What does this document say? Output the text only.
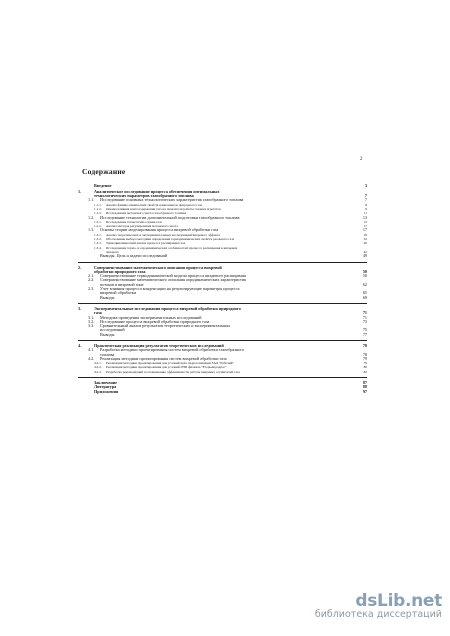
2
Содержание
Введение	3
1.	Аналитическое исследование процесса обеспечения оптимальных
технологических параметров газообразного топлива	7
1.1.	Исследование основных технологических характеристик газообразного топлива	7
1.1.1.	Анализ физико-химических свойств компонентов природного газа	8
1.1.2.	Оценка влияния влагосодержания газа на показатели работы газовых агрегатов	9
1.1.3.	Исследование метанового числа газообразного топлива	11
1.2.	Исследование технологии дополнительной подготовки газообразного топлива	13
1.2.1.	Исследование технологий осушки газа	13
1.2.2.	Анализ методов регулирования метанового числа	17
1.3.	Основы теории моделирования процесса вихревой обработки газа	17
1.3.1.	Анализ теоретических и экспериментальных исследований вихревого эффекта	18
1.3.2.	Обоснование выбора методики определения термодинамических свойств реального газа	32
1.3.3.	Термодинамический анализ процесса расширения газа	40
1.3.4.	Исследование термо- и аэродинамических особенностей процесса расширения в вихревом
аппарате	42
Выводы. Цель и задачи исследований	49
2.	Совершенствование математического описания процесса вихревой
обработки природного газа	50
2.1.	Совершенствование термодинамической модели процесса вихревого расширения	50
2.2.	Совершенствование математического описания аэродинамических характеристик
потоков в вихревой зоне	62
2.3.	Учет влияния процесса конденсации на результирующие параметры процесса
вихревой обработки	65
Выводы	69
3.	Экспериментальные исследования процесса вихревой обработки природного
газа	71
3.1.	Методика проведения экспериментальных исследований	71
3.2.	Исследование процесса вихревой обработки природного газа	73
3.3.	Сравнительный анализ результатов теоретических и экспериментальных
исследований	75
Выводы	77
4.	Практическая реализация результатов теоретических исследований	78
4.1.	Разработка методики проектирования систем вихревой обработки газообразного
топлива	78
4.2.	Реализация методики проектирования систем вихревой обработки газа	79
4.2.1.	Реализация методики проектирования для условий цеха гидрогенизации ЗАО "Рабочий"	79
4.2.2.	Реализация методики проектирования для условий ГНП филиала "Егорьевградёос"	80
4.2.3.	Разработка рекомендаций по повышению эффективности работы вихревых осушителей газа	82
Заключение	87
Литература	88
Приложения	97
dsLib.net
библиотека диссертаций
